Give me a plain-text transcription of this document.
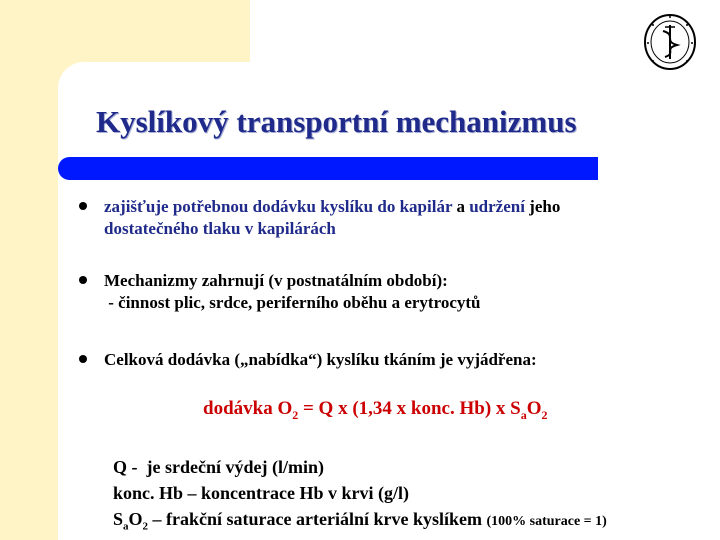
Kyslíkový transportní mechanizmus
zajišťuje potřebnou dodávku kyslíku do kapilár a udržení jeho
dostatečného tlaku v kapilárách
Mechanizmy zahrnují (v postnatálním období):
- činnost plic, srdce, periferního oběhu a erytrocytů
Celková dodávka („nabídka“) kyslíku tkáním je vyjádřena:
dodávka $O_2 = Q$ x (1,34 x konc. Hb) x $S_aO_2$
Q -  je srdeční výdej (l/min)
konc. Hb – koncentrace Hb v krvi (g/l)
$S_aO_2$ – frakční saturace arteriální krve kyslíkem (100% saturace = 1)
